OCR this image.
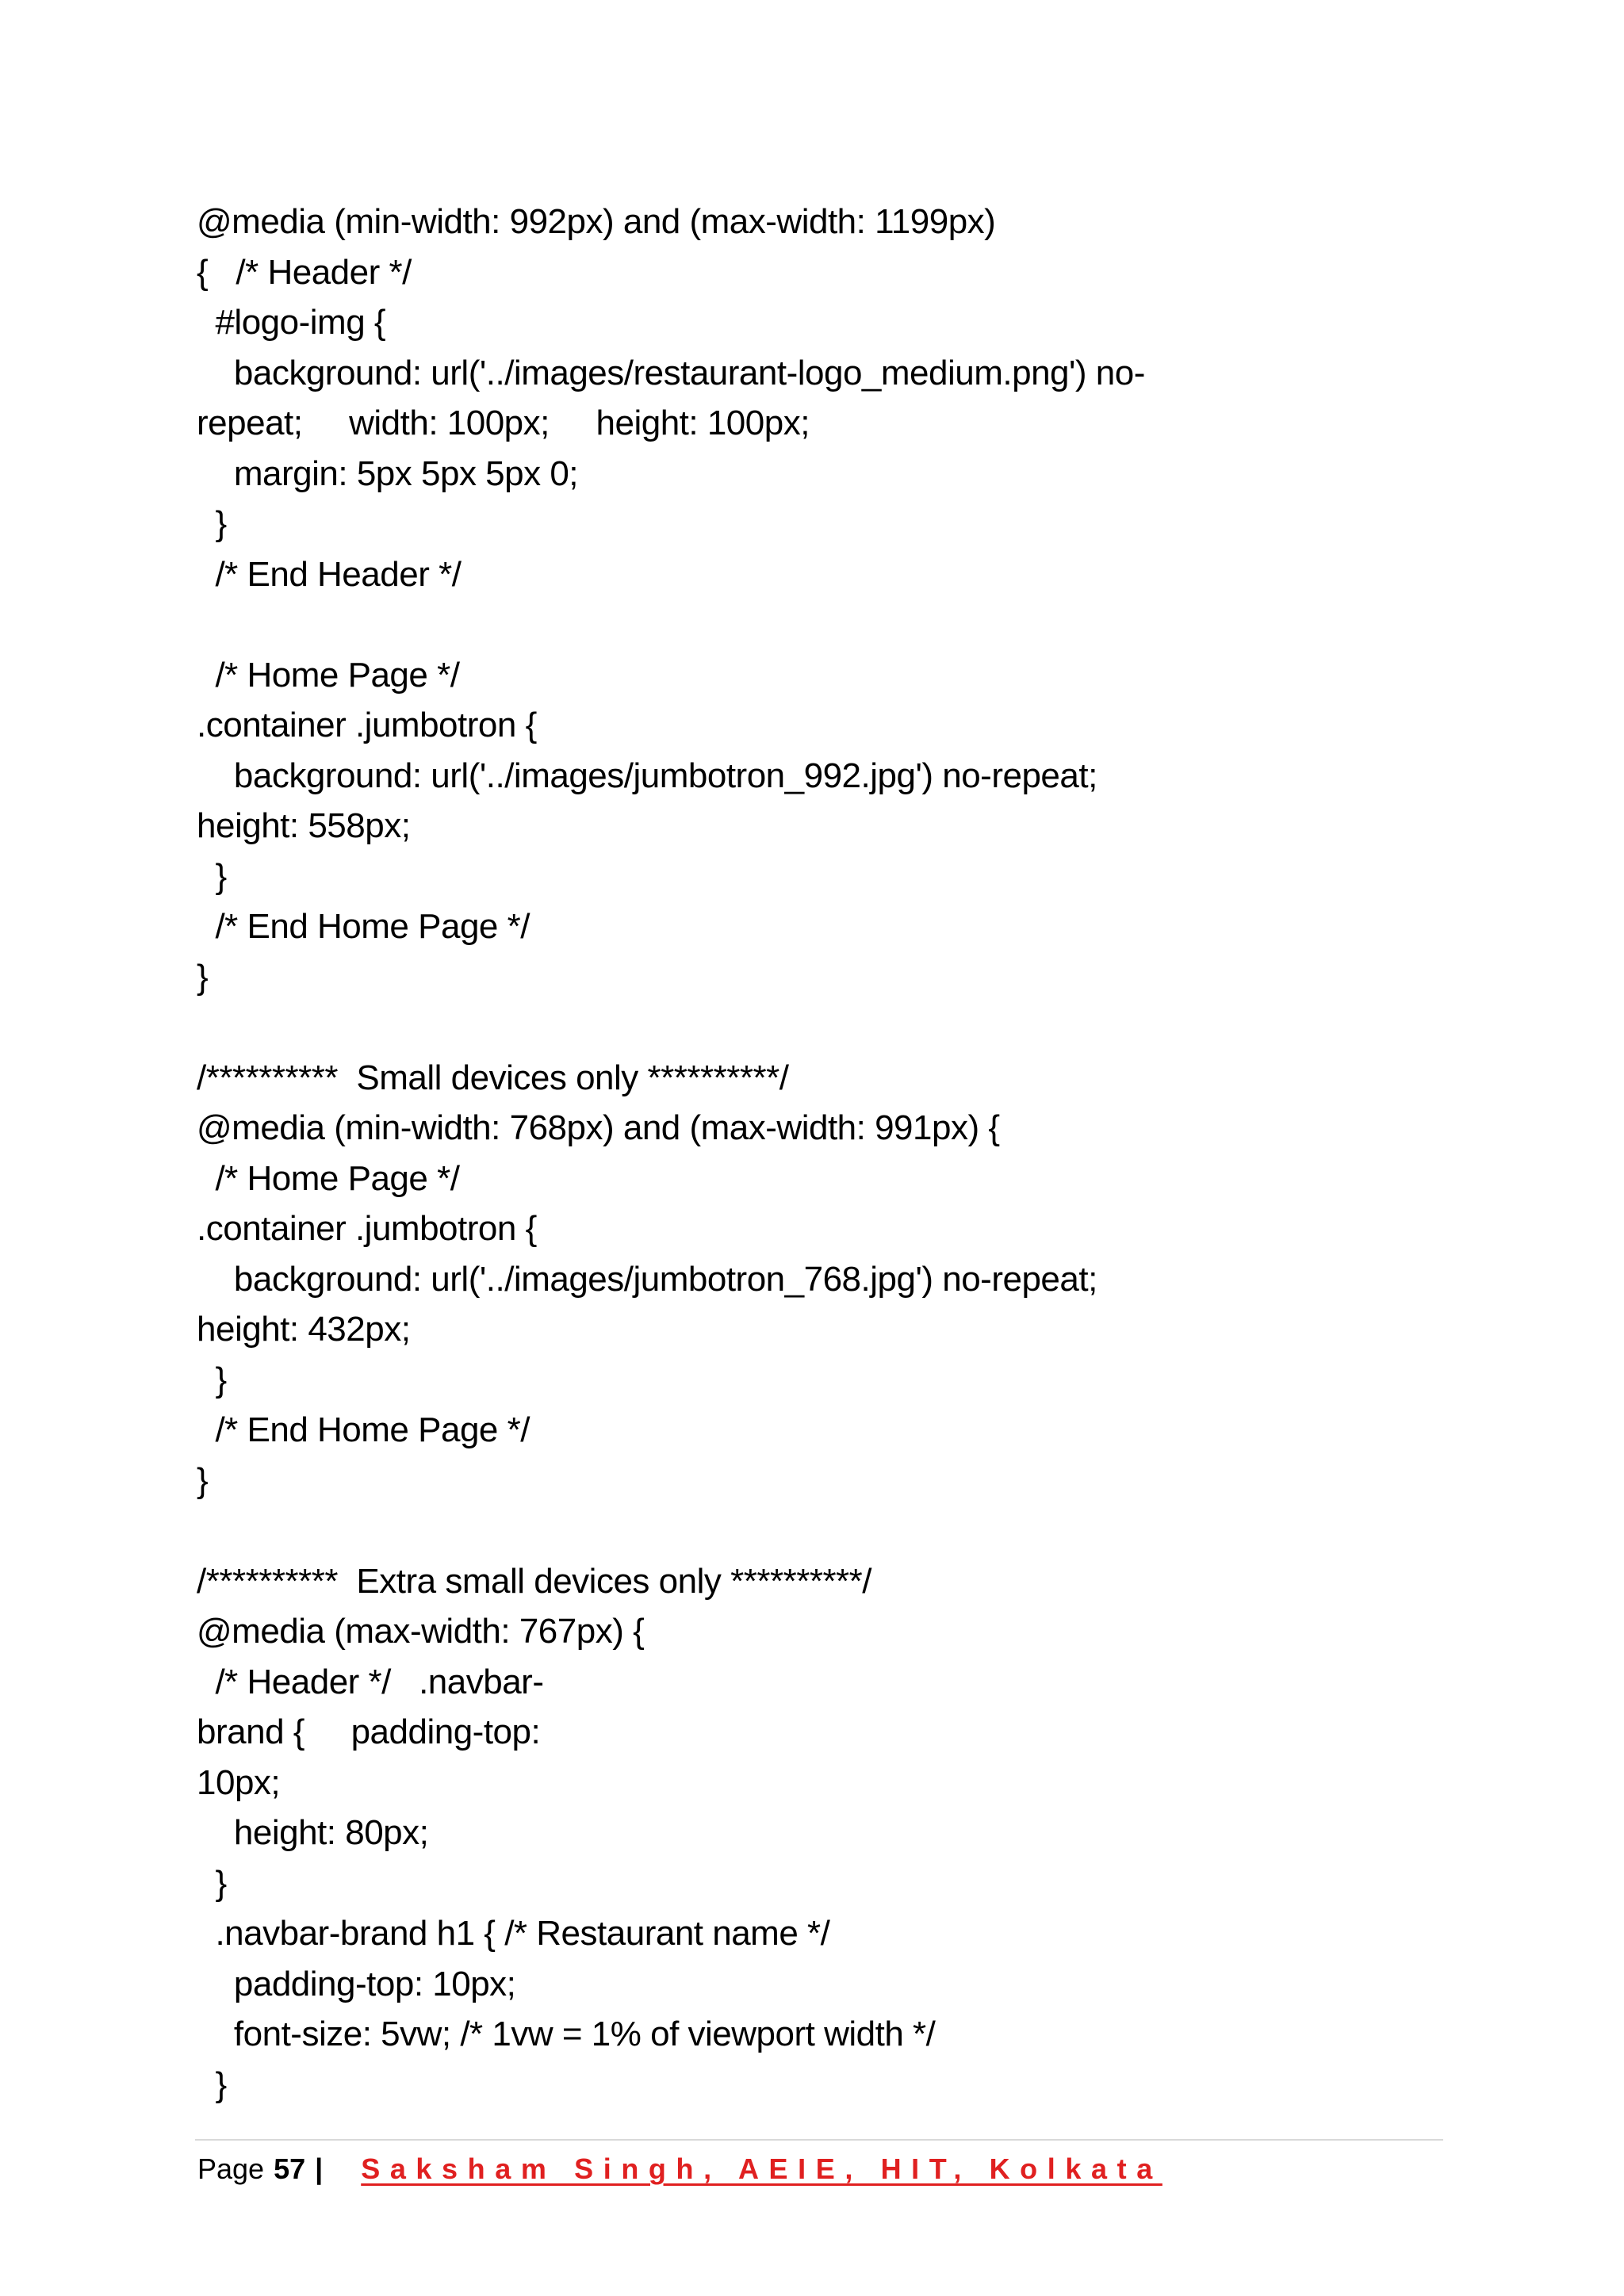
@media (min-width: 992px) and (max-width: 1199px)
{   /* Header */
#logo-img {
background: url('../images/restaurant-logo_medium.png') no-
repeat;     width: 100px;     height: 100px;
margin: 5px 5px 5px 0;
}
/* End Header */
/* Home Page */
.container .jumbotron {
background: url('../images/jumbotron_992.jpg') no-repeat;
height: 558px;
}
/* End Home Page */
}
/**********  Small devices only **********/
@media (min-width: 768px) and (max-width: 991px) {
/* Home Page */
.container .jumbotron {
background: url('../images/jumbotron_768.jpg') no-repeat;
height: 432px;
}
/* End Home Page */
}
/**********  Extra small devices only **********/
@media (max-width: 767px) {
/* Header */   .navbar-
brand {     padding-top:
10px;
height: 80px;
}
.navbar-brand h1 { /* Restaurant name */
padding-top: 10px;
font-size: 5vw; /* 1vw = 1% of viewport width */
}
Page 57 | Saksham Singh, AEIE, HIT, Kolkata
